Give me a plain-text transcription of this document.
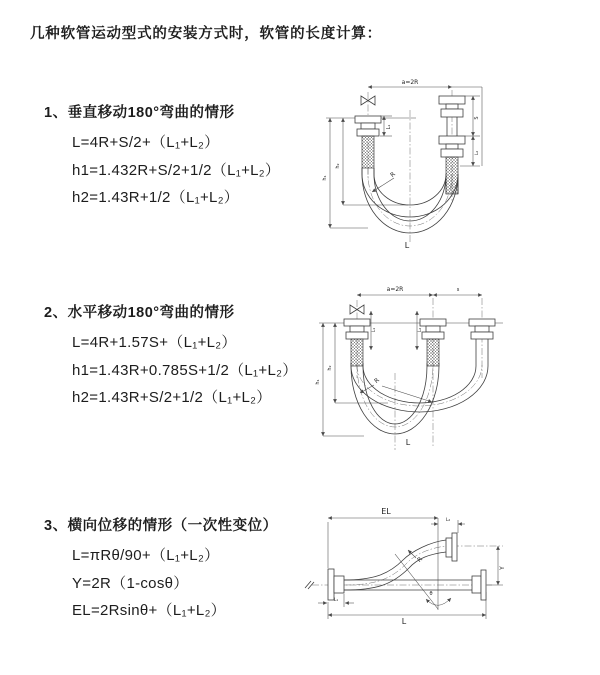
几种软管运动型式的安装方式时，软管的长度计算：
1、垂直移动180°弯曲的情形
L=4R+S/2+（L₁+L₂）
h1=1.432R+S/2+1/2（L₁+L₂）
h2=1.43R+1/2（L₁+L₂）
a=2R
L₁
h₁
h₂
S
L₂
R
L
2、水平移动180°弯曲的情形
L=4R+1.57S+（L₁+L₂）
h1=1.43R+0.785S+1/2（L₁+L₂）
h2=1.43R+S/2+1/2（L₁+L₂）
a=2R	s
L₁	L₂
h₁
h₂
R
L
3、横向位移的情形（一次性变位）
L=πRθ/90+（L₁+L₂）
Y=2R（1-cosθ）
EL=2Rsinθ+（L₁+L₂）
EL
L₂
Y
R
θ
L
L₁
